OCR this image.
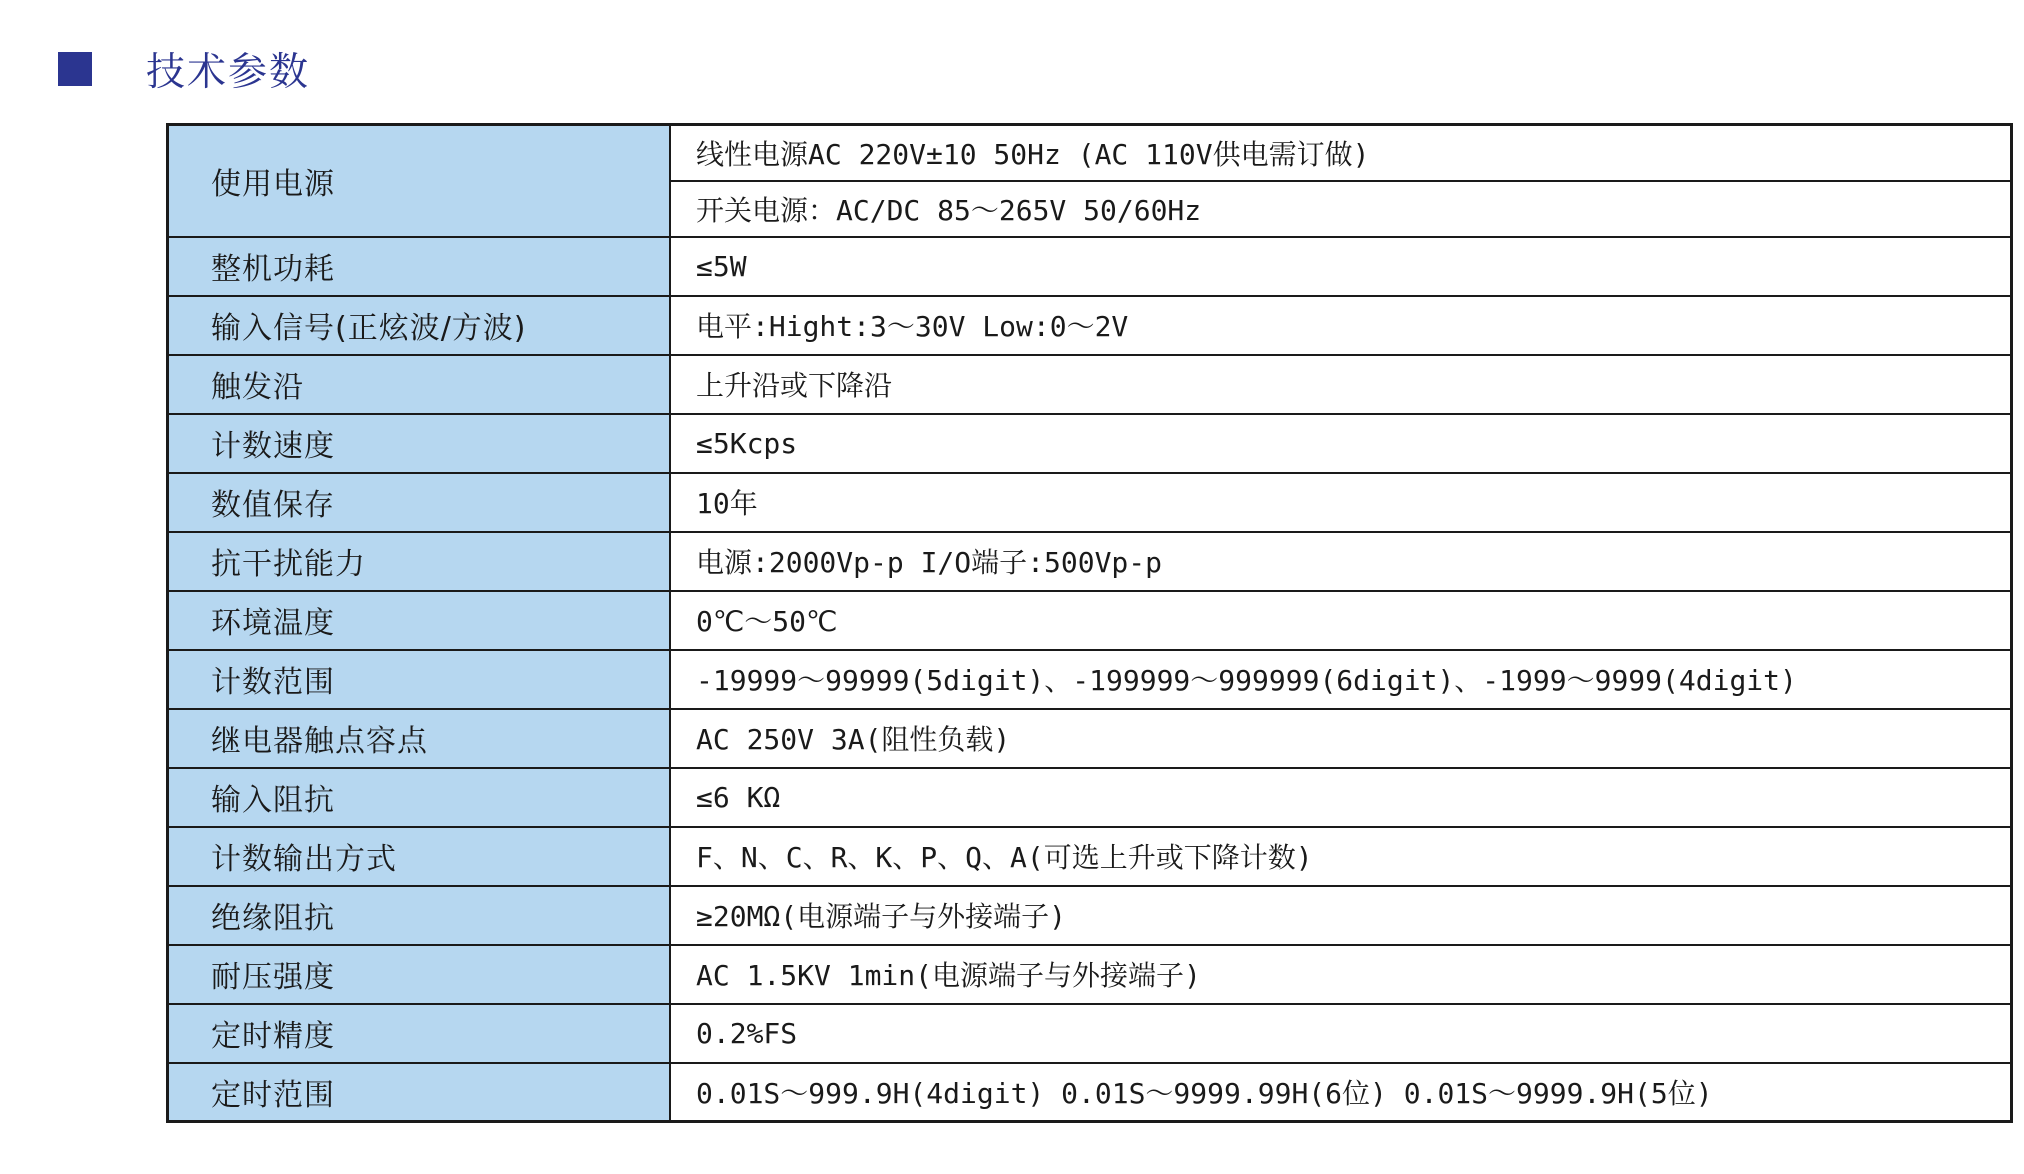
技术参数
使用电源	线性电源AC 220V±10 50Hz (AC 110V供电需订做)
	开关电源：AC/DC 85～265V 50/60Hz
整机功耗	≤5W
输入信号(正炫波/方波)	电平:Hight:3～30V Low:0～2V
触发沿	上升沿或下降沿
计数速度	≤5Kcps
数值保存	10年
抗干扰能力	电源:2000Vp-p I/O端子:500Vp-p
环境温度	0℃～50℃
计数范围	-19999～99999(5digit)、-199999～999999(6digit)、-1999～9999(4digit)
继电器触点容点	AC 250V 3A(阻性负载)
输入阻抗	≤6 KΩ
计数输出方式	F、N、C、R、K、P、Q、A(可选上升或下降计数)
绝缘阻抗	≥20MΩ(电源端子与外接端子)
耐压强度	AC 1.5KV 1min(电源端子与外接端子)
定时精度	0.2%FS
定时范围	0.01S～999.9H(4digit) 0.01S～9999.99H(6位) 0.01S～9999.9H(5位)
